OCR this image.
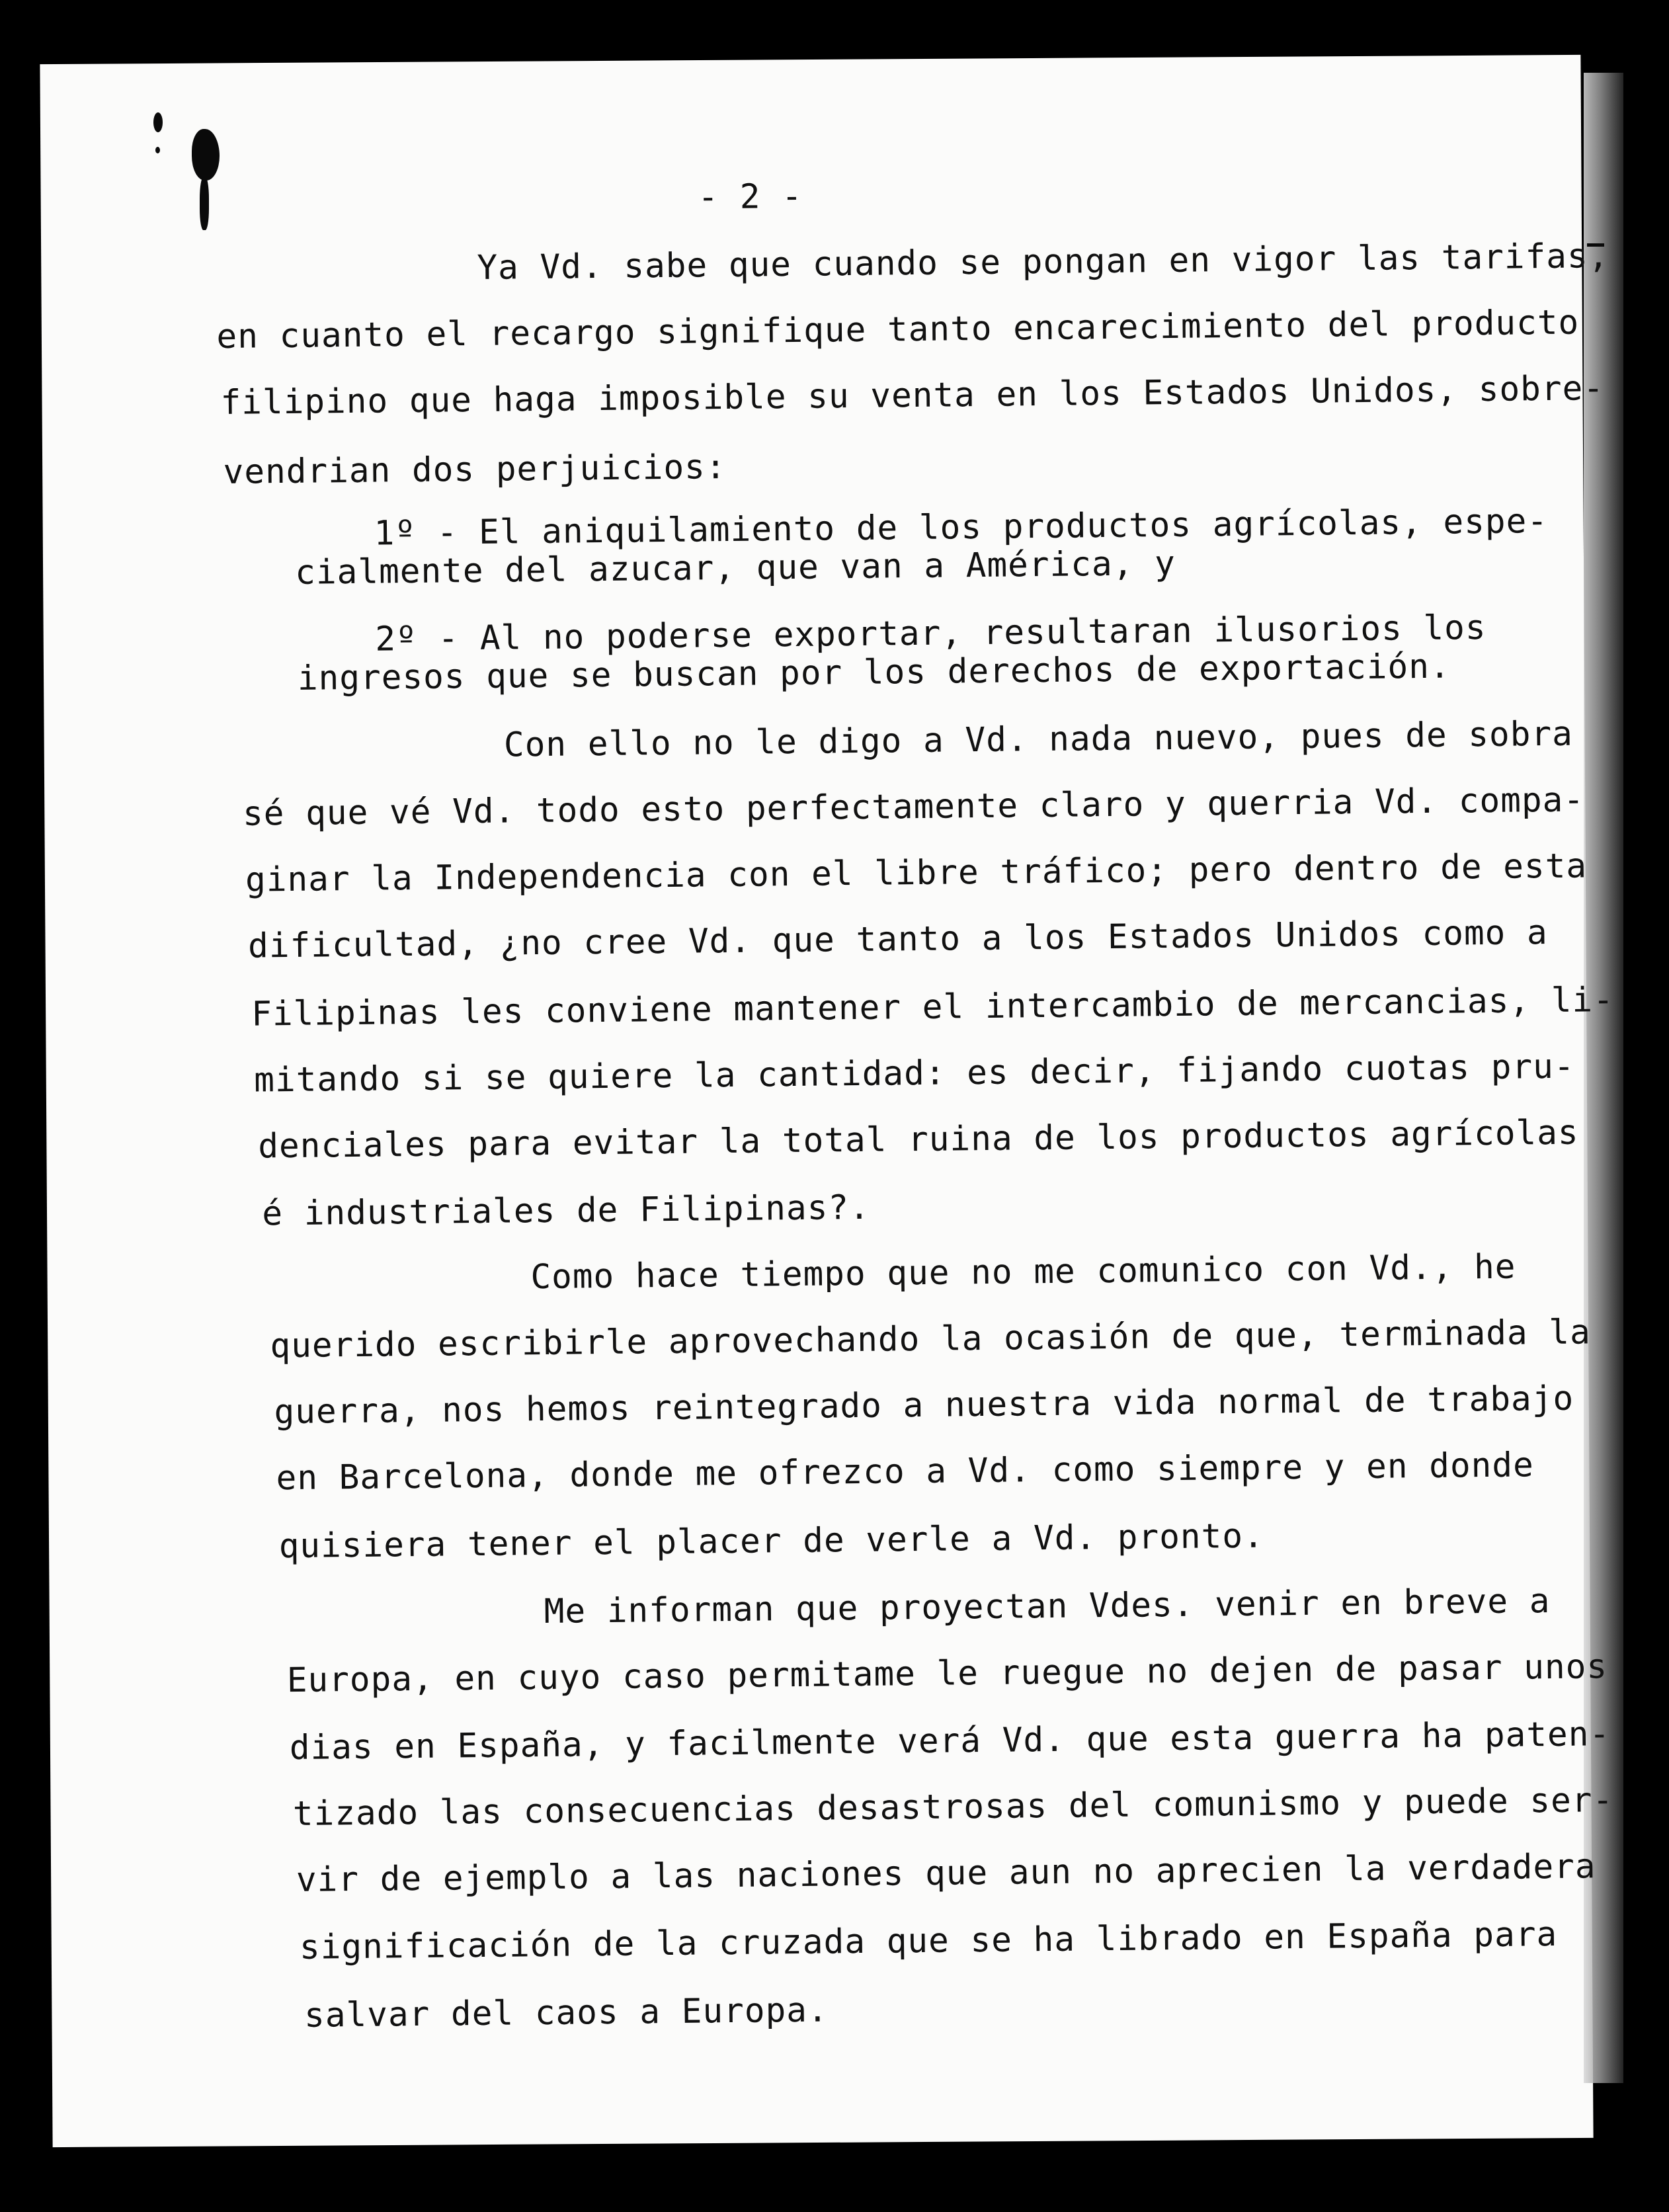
- 2 -
Ya Vd. sabe que cuando se pongan en vigor las tarifas,
en cuanto el recargo signifique tanto encarecimiento del producto
filipino que haga imposible su venta en los Estados Unidos, sobre-
vendrian dos perjuicios:
1º - El aniquilamiento de los productos agrícolas, espe-
cialmente del azucar, que van a América, y
2º - Al no poderse exportar, resultaran ilusorios los
ingresos que se buscan por los derechos de exportación.
Con ello no le digo a Vd. nada nuevo, pues de sobra
sé que vé Vd. todo esto perfectamente claro y querria Vd. compa-
ginar la Independencia con el libre tráfico; pero dentro de esta
dificultad, ¿no cree Vd. que tanto a los Estados Unidos como a
Filipinas les conviene mantener el intercambio de mercancias, li-
mitando si se quiere la cantidad: es decir, fijando cuotas pru-
denciales para evitar la total ruina de los productos agrícolas
é industriales de Filipinas?.
Como hace tiempo que no me comunico con Vd., he
querido escribirle aprovechando la ocasión de que, terminada la
guerra, nos hemos reintegrado a nuestra vida normal de trabajo
en Barcelona, donde me ofrezco a Vd. como siempre y en donde
quisiera tener el placer de verle a Vd. pronto.
Me informan que proyectan Vdes. venir en breve a
Europa, en cuyo caso permitame le ruegue no dejen de pasar unos
dias en España, y facilmente verá Vd. que esta guerra ha paten-
tizado las consecuencias desastrosas del comunismo y puede ser-
vir de ejemplo a las naciones que aun no aprecien la verdadera
significación de la cruzada que se ha librado en España para
salvar del caos a Europa.
